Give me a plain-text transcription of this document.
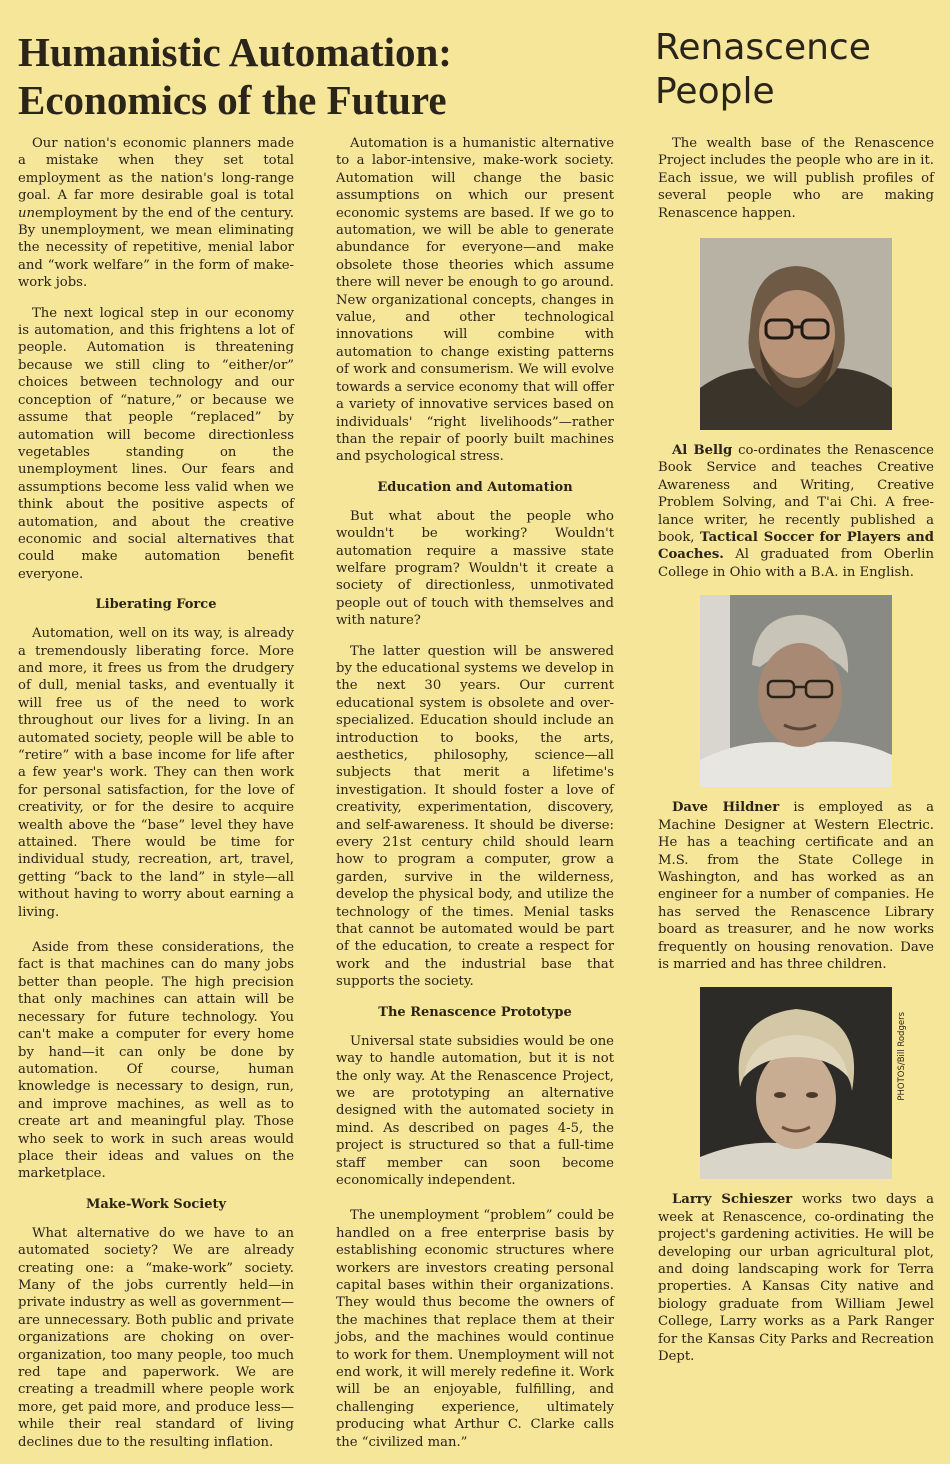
Humanistic Automation:
Economics of the Future
Renascence
People

Our nation's economic planners made a mistake when they set total employment as the nation's long-range goal. A far more desirable goal is total unemployment by the end of the century. By unemployment, we mean eliminating the necessity of repetitive, menial labor and “work welfare” in the form of make-work jobs.

The next logical step in our economy is automation, and this frightens a lot of people. Automation is threatening because we still cling to “either/or” choices between technology and our conception of “nature,” or because we assume that people “replaced” by automation will become directionless vegetables standing on the unemployment lines. Our fears and assumptions become less valid when we think about the positive aspects of automation, and about the creative economic and social alternatives that could make automation benefit everyone.

Liberating Force

Automation, well on its way, is already a tremendously liberating force. More and more, it frees us from the drudgery of dull, menial tasks, and eventually it will free us of the need to work throughout our lives for a living. In an automated society, people will be able to “retire” with a base income for life after a few year's work. They can then work for personal satisfaction, for the love of creativity, or for the desire to acquire wealth above the “base” level they have attained. There would be time for individual study, recreation, art, travel, getting “back to the land” in style—all without having to worry about earning a living.

Aside from these considerations, the fact is that machines can do many jobs better than people. The high precision that only machines can attain will be necessary for future technology. You can't make a computer for every home by hand—it can only be done by automation. Of course, human knowledge is necessary to design, run, and improve machines, as well as to create art and meaningful play. Those who seek to work in such areas would place their ideas and values on the marketplace.

Make-Work Society

What alternative do we have to an automated society? We are already creating one: a “make-work” society. Many of the jobs currently held—in private industry as well as government—are unnecessary. Both public and private organizations are choking on over-organization, too many people, too much red tape and paperwork. We are creating a treadmill where people work more, get paid more, and produce less—while their real standard of living declines due to the resulting inflation.

Automation is a humanistic alternative to a labor-intensive, make-work society. Automation will change the basic assumptions on which our present economic systems are based. If we go to automation, we will be able to generate abundance for everyone—and make obsolete those theories which assume there will never be enough to go around. New organizational concepts, changes in value, and other technological innovations will combine with automation to change existing patterns of work and consumerism. We will evolve towards a service economy that will offer a variety of innovative services based on individuals' “right livelihoods”—rather than the repair of poorly built machines and psychological stress.

Education and Automation

But what about the people who wouldn't be working? Wouldn't automation require a massive state welfare program? Wouldn't it create a society of directionless, unmotivated people out of touch with themselves and with nature?

The latter question will be answered by the educational systems we develop in the next 30 years. Our current educational system is obsolete and over-specialized. Education should include an introduction to books, the arts, aesthetics, philosophy, science—all subjects that merit a lifetime's investigation. It should foster a love of creativity, experimentation, discovery, and self-awareness. It should be diverse: every 21st century child should learn how to program a computer, grow a garden, survive in the wilderness, develop the physical body, and utilize the technology of the times. Menial tasks that cannot be automated would be part of the education, to create a respect for work and the industrial base that supports the society.

The Renascence Prototype

Universal state subsidies would be one way to handle automation, but it is not the only way. At the Renascence Project, we are prototyping an alternative designed with the automated society in mind. As described on pages 4-5, the project is structured so that a full-time staff member can soon become economically independent.

The unemployment “problem” could be handled on a free enterprise basis by establishing economic structures where workers are investors creating personal capital bases within their organizations. They would thus become the owners of the machines that replace them at their jobs, and the machines would continue to work for them. Unemployment will not end work, it will merely redefine it. Work will be an enjoyable, fulfilling, and challenging experience, ultimately producing what Arthur C. Clarke calls the “civilized man.”

The wealth base of the Renascence Project includes the people who are in it. Each issue, we will publish profiles of several people who are making Renascence happen.

Al Bellg co-ordinates the Renascence Book Service and teaches Creative Awareness and Writing, Creative Problem Solving, and T'ai Chi. A free-lance writer, he recently published a book, Tactical Soccer for Players and Coaches. Al graduated from Oberlin College in Ohio with a B.A. in English.

Dave Hildner is employed as a Machine Designer at Western Electric. He has a teaching certificate and an M.S. from the State College in Washington, and has worked as an engineer for a number of companies. He has served the Renascence Library board as treasurer, and he now works frequently on housing renovation. Dave is married and has three children.

Larry Schieszer works two days a week at Renascence, co-ordinating the project's gardening activities. He will be developing our urban agricultural plot, and doing landscaping work for Terra properties. A Kansas City native and biology graduate from William Jewel College, Larry works as a Park Ranger for the Kansas City Parks and Recreation Dept.

PHOTOS/Bill Rodgers
